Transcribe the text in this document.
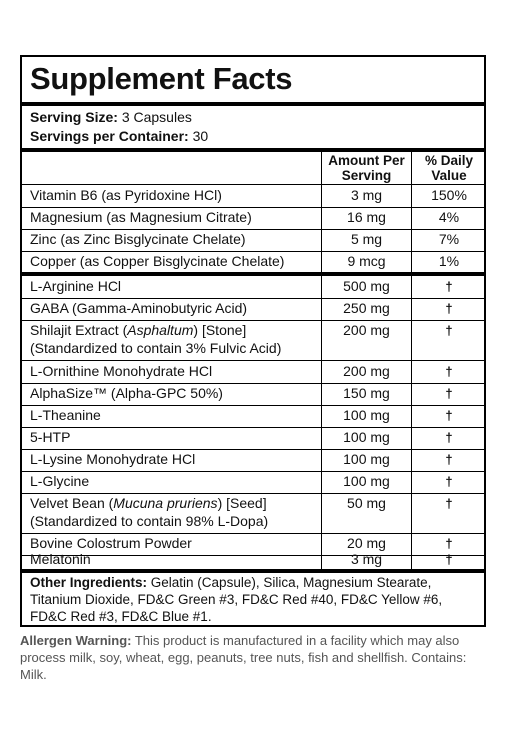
Supplement Facts
Serving Size: 3 Capsules
Servings per Container: 30
Amount Per
Serving
% Daily
Value
Vitamin B6 (as Pyridoxine HCl)	3 mg	150%
Magnesium (as Magnesium Citrate)	16 mg	4%
Zinc (as Zinc Bisglycinate Chelate)	5 mg	7%
Copper (as Copper Bisglycinate Chelate)	9 mcg	1%
L-Arginine HCl	500 mg	†
GABA (Gamma-Aminobutyric Acid)	250 mg	†
Shilajit Extract (Asphaltum) [Stone]
(Standardized to contain 3% Fulvic Acid)
200 mg	†
L-Ornithine Monohydrate HCl	200 mg	†
AlphaSize™ (Alpha-GPC 50%)	150 mg	†
L-Theanine	100 mg	†
5-HTP	100 mg	†
L-Lysine Monohydrate HCl	100 mg	†
L-Glycine	100 mg	†
Velvet Bean (Mucuna pruriens) [Seed]
(Standardized to contain 98% L-Dopa)
50 mg	†
Bovine Colostrum Powder	20 mg	†
Melatonin	3 mg	†
Other Ingredients: Gelatin (Capsule), Silica, Magnesium Stearate, Titanium Dioxide, FD&C Green #3, FD&C Red #40, FD&C Yellow #6, FD&C Red #3, FD&C Blue #1.
Allergen Warning: This product is manufactured in a facility which may also process milk, soy, wheat, egg, peanuts, tree nuts, fish and shellfish. Contains: Milk.
